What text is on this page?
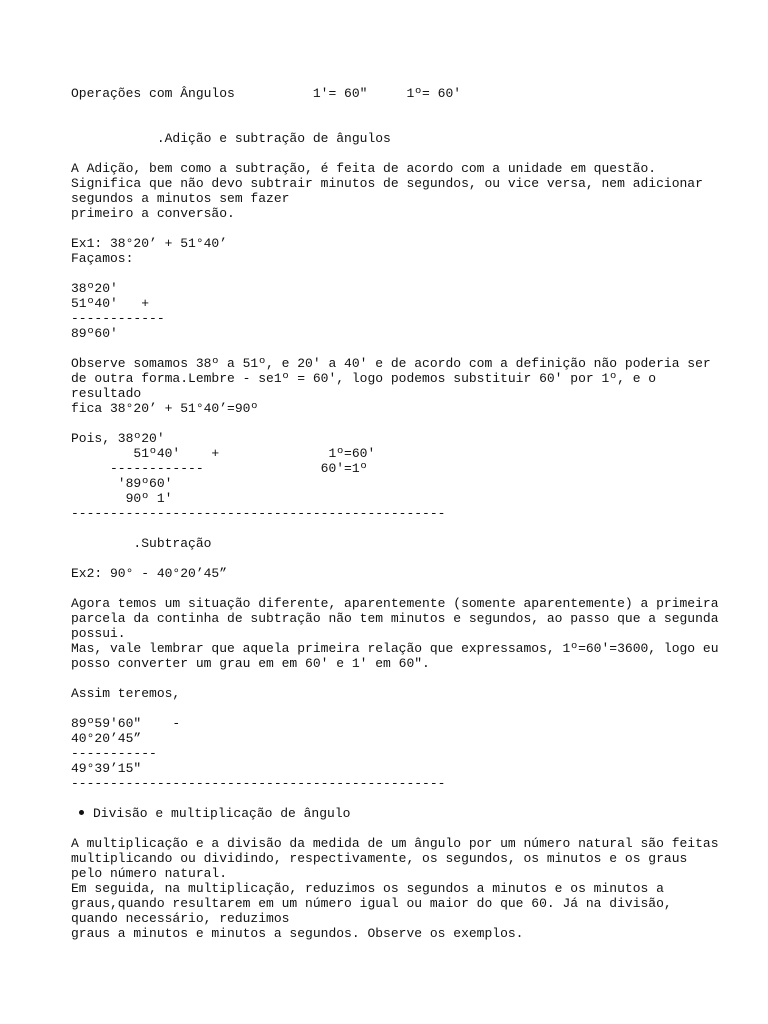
Operações com Ângulos          1'= 60"     1º= 60'
.Adição e subtração de ângulos
A Adição, bem como a subtração, é feita de acordo com a unidade em questão.
Significa que não devo subtrair minutos de segundos, ou vice versa, nem adicionar
segundos a minutos sem fazer
primeiro a conversão.
Ex1: 38°20’ + 51°40’
Façamos:
38º20'
51º40'   +
------------
89º60'
Observe somamos 38º a 51º, e 20' a 40' e de acordo com a definição não poderia ser
de outra forma.Lembre - se1º = 60', logo podemos substituir 60' por 1º, e o
resultado
fica 38°20’ + 51°40’=90º
Pois, 38º20'
51º40'    +              1º=60'
------------               60'=1º
'89º60'
90º 1'
------------------------------------------------
.Subtração
Ex2: 90° - 40°20’45”
Agora temos um situação diferente, aparentemente (somente aparentemente) a primeira
parcela da continha de subtração não tem minutos e segundos, ao passo que a segunda
possui.
Mas, vale lembrar que aquela primeira relação que expressamos, 1º=60'=3600, logo eu
posso converter um grau em em 60' e 1' em 60".
Assim teremos,
89º59'60"    -
40°20’45”
-----------
49°39’15"
------------------------------------------------
Divisão e multiplicação de ângulo
A multiplicação e a divisão da medida de um ângulo por um número natural são feitas
multiplicando ou dividindo, respectivamente, os segundos, os minutos e os graus
pelo número natural.
Em seguida, na multiplicação, reduzimos os segundos a minutos e os minutos a
graus,quando resultarem em um número igual ou maior do que 60. Já na divisão,
quando necessário, reduzimos
graus a minutos e minutos a segundos. Observe os exemplos.
